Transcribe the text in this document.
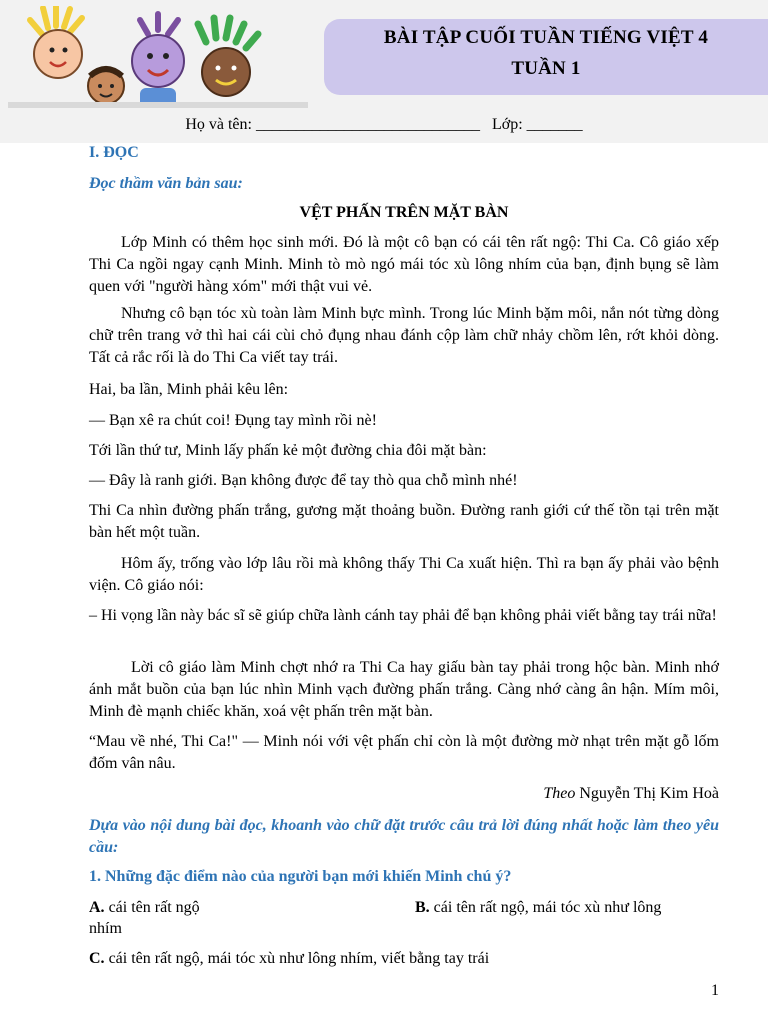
BÀI TẬP CUỐI TUẦN TIẾNG VIỆT 4
TUẦN 1
Họ và tên: ____________________________   Lớp: _______
I. ĐỌC
Đọc thầm văn bản sau:
VỆT PHẤN TRÊN MẶT BÀN

Lớp Minh có thêm học sinh mới. Đó là một cô bạn có cái tên rất ngộ: Thi Ca. Cô giáo xếp Thi Ca ngồi ngay cạnh Minh. Minh tò mò ngó mái tóc xù lông nhím của bạn, định bụng sẽ làm quen với "người hàng xóm" mới thật vui vẻ.

Nhưng cô bạn tóc xù toàn làm Minh bực mình. Trong lúc Minh bặm môi, nắn nót từng dòng chữ trên trang vở thì hai cái cùi chỏ đụng nhau đánh cộp làm chữ nhảy chồm lên, rớt khỏi dòng. Tất cả rắc rối là do Thi Ca viết tay trái.

Hai, ba lần, Minh phải kêu lên:

— Bạn xê ra chút coi! Đụng tay mình rồi nè!

Tới lần thứ tư, Minh lấy phấn kẻ một đường chia đôi mặt bàn:

— Đây là ranh giới. Bạn không được để tay thò qua chỗ mình nhé!

Thi Ca nhìn đường phấn trắng, gương mặt thoảng buồn. Đường ranh giới cứ thế tồn tại trên mặt bàn hết một tuần.

Hôm ấy, trống vào lớp lâu rồi mà không thấy Thi Ca xuất hiện. Thì ra bạn ấy phải vào bệnh viện. Cô giáo nói:

– Hi vọng lần này bác sĩ sẽ giúp chữa lành cánh tay phải để bạn không phải viết bằng tay trái nữa!

Lời cô giáo làm Minh chợt nhớ ra Thi Ca hay giấu bàn tay phải trong hộc bàn. Minh nhớ ánh mắt buồn của bạn lúc nhìn Minh vạch đường phấn trắng. Càng nhớ càng ân hận. Mím môi, Minh đè mạnh chiếc khăn, xoá vệt phấn trên mặt bàn.

“Mau về nhé, Thi Ca!" — Minh nói với vệt phấn chỉ còn là một đường mờ nhạt trên mặt gỗ lốm đốm vân nâu.

Theo Nguyễn Thị Kim Hoà
Dựa vào nội dung bài đọc, khoanh vào chữ đặt trước câu trả lời đúng nhất hoặc làm theo yêu cầu:
1. Những đặc điểm nào của người bạn mới khiến Minh chú ý?
A. cái tên rất ngộ	B. cái tên rất ngộ, mái tóc xù như lông
nhím
C. cái tên rất ngộ, mái tóc xù như lông nhím, viết bằng tay trái
1
